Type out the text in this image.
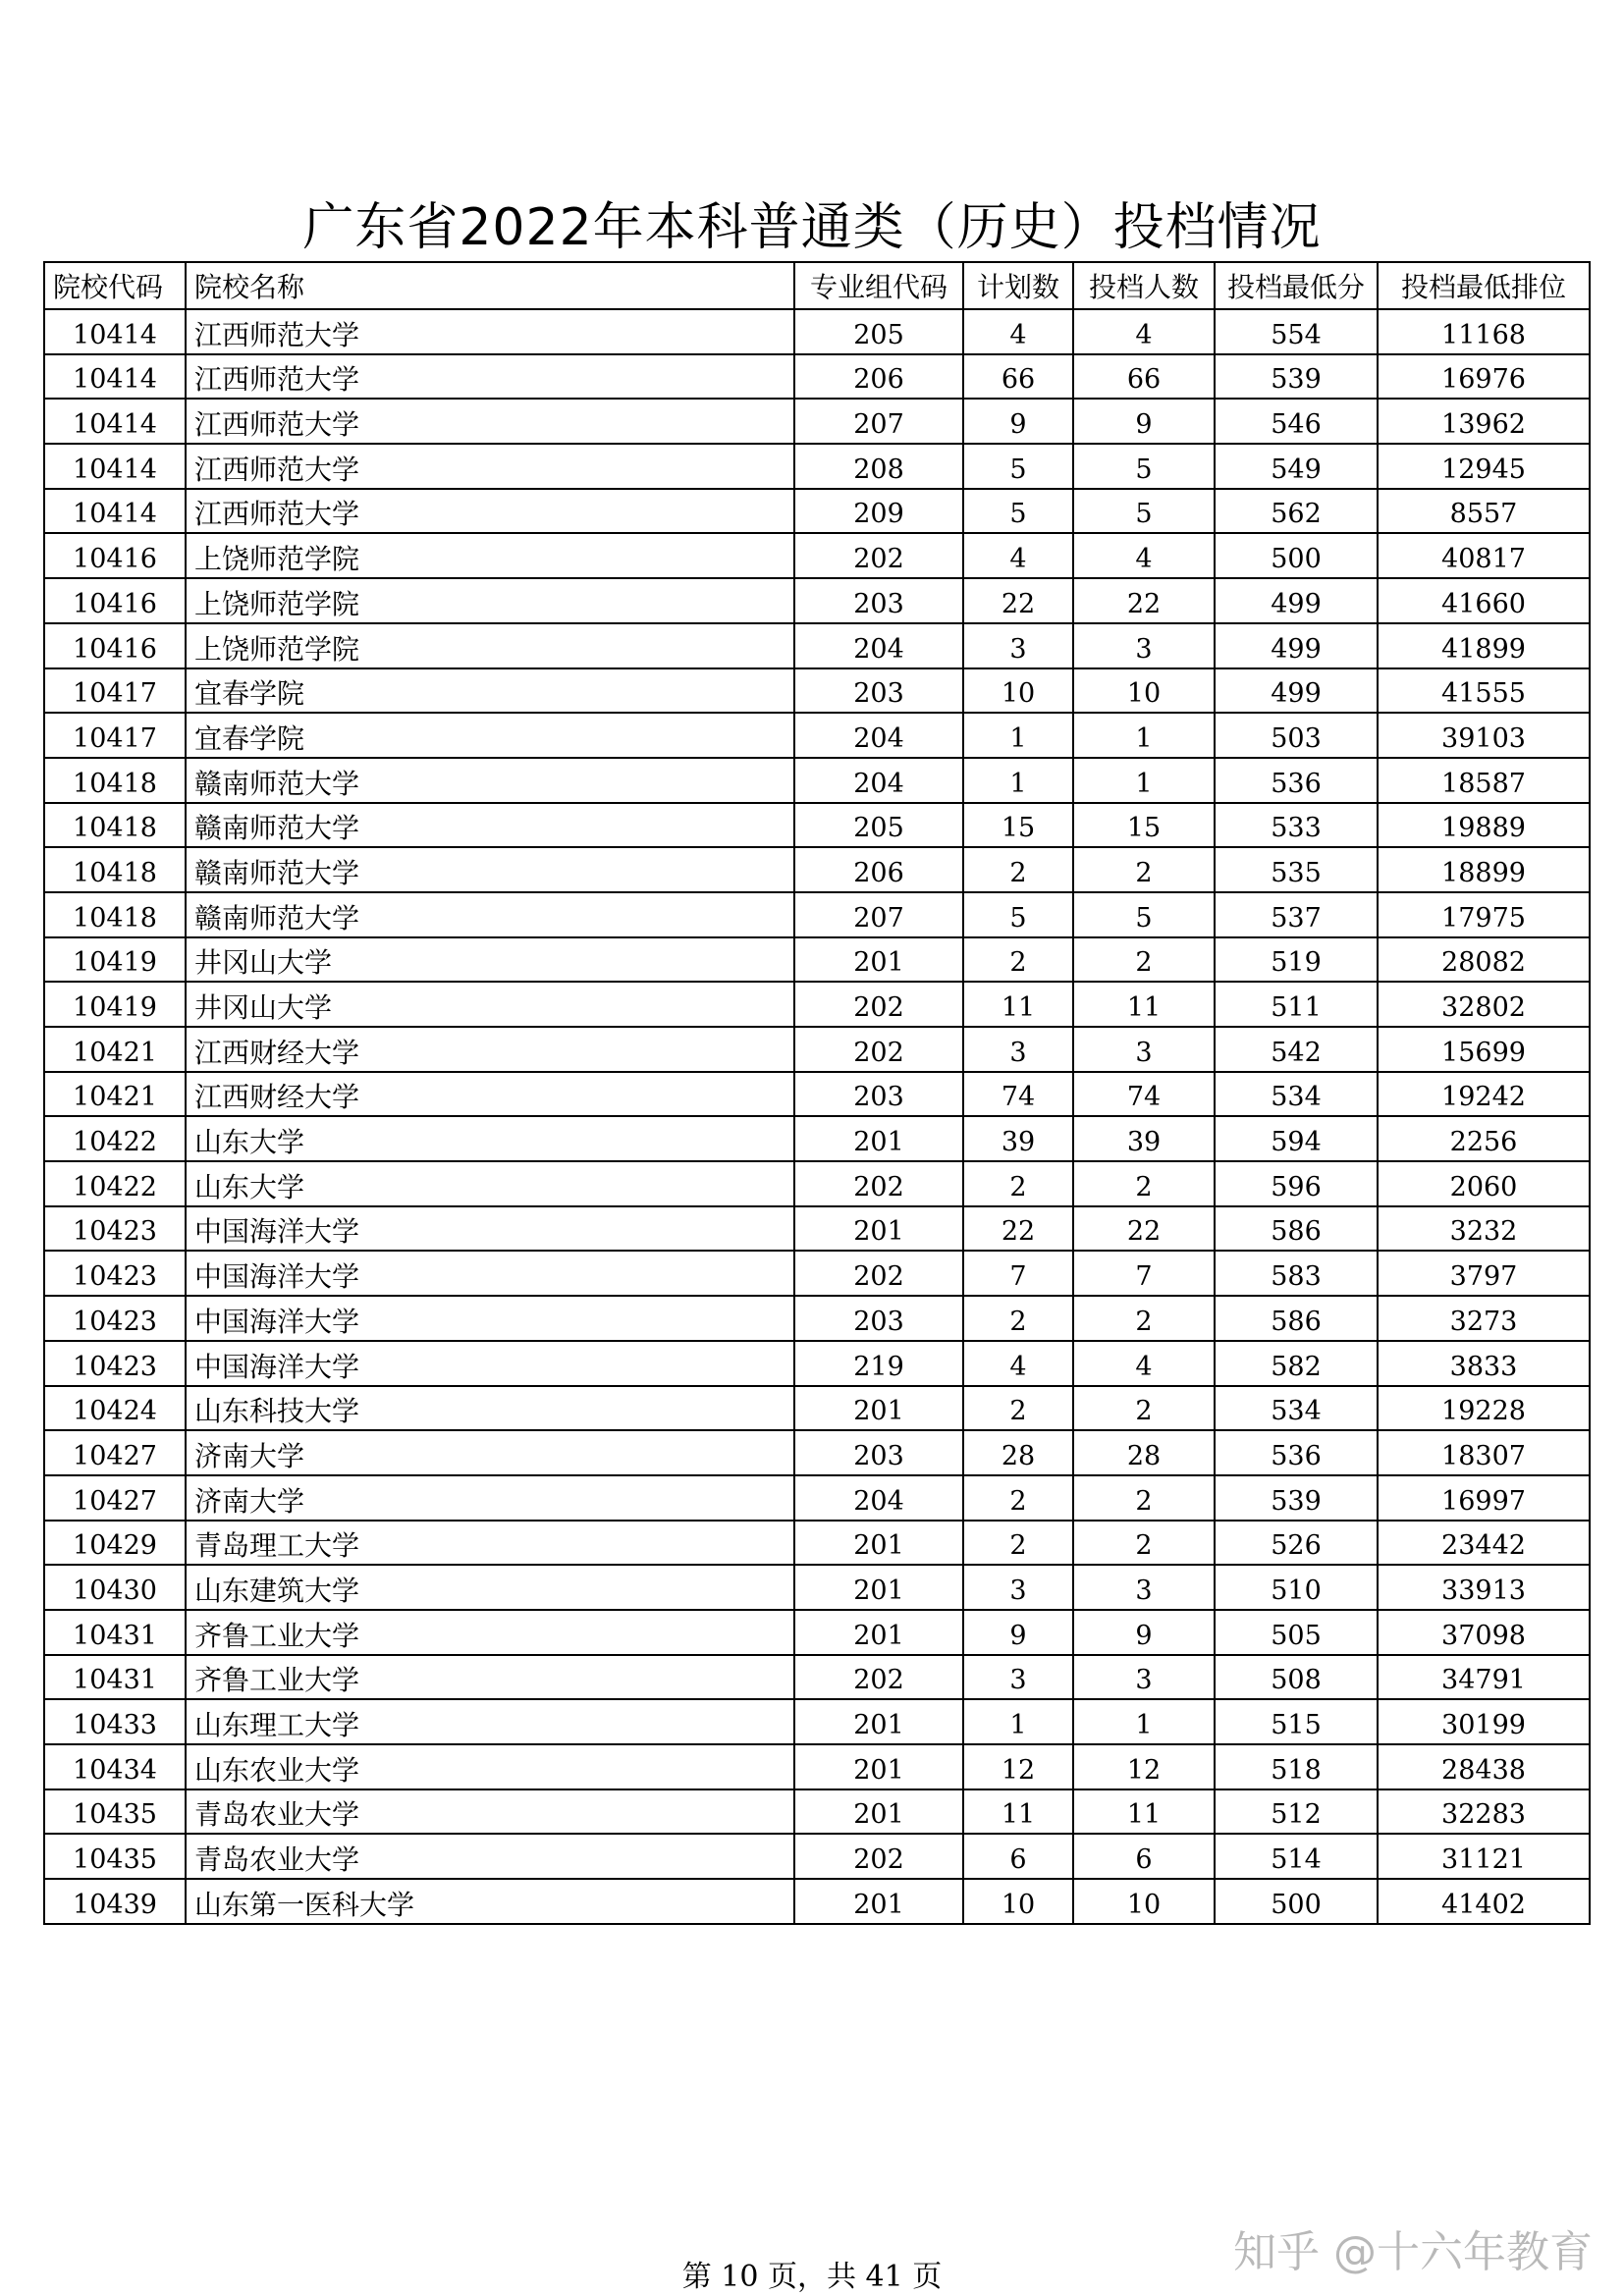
广东省2022年本科普通类（历史）投档情况
院校代码	院校名称	专业组代码	计划数	投档人数	投档最低分	投档最低排位
10414	江西师范大学	205	4	4	554	11168
10414	江西师范大学	206	66	66	539	16976
10414	江西师范大学	207	9	9	546	13962
10414	江西师范大学	208	5	5	549	12945
10414	江西师范大学	209	5	5	562	8557
10416	上饶师范学院	202	4	4	500	40817
10416	上饶师范学院	203	22	22	499	41660
10416	上饶师范学院	204	3	3	499	41899
10417	宜春学院	203	10	10	499	41555
10417	宜春学院	204	1	1	503	39103
10418	赣南师范大学	204	1	1	536	18587
10418	赣南师范大学	205	15	15	533	19889
10418	赣南师范大学	206	2	2	535	18899
10418	赣南师范大学	207	5	5	537	17975
10419	井冈山大学	201	2	2	519	28082
10419	井冈山大学	202	11	11	511	32802
10421	江西财经大学	202	3	3	542	15699
10421	江西财经大学	203	74	74	534	19242
10422	山东大学	201	39	39	594	2256
10422	山东大学	202	2	2	596	2060
10423	中国海洋大学	201	22	22	586	3232
10423	中国海洋大学	202	7	7	583	3797
10423	中国海洋大学	203	2	2	586	3273
10423	中国海洋大学	219	4	4	582	3833
10424	山东科技大学	201	2	2	534	19228
10427	济南大学	203	28	28	536	18307
10427	济南大学	204	2	2	539	16997
10429	青岛理工大学	201	2	2	526	23442
10430	山东建筑大学	201	3	3	510	33913
10431	齐鲁工业大学	201	9	9	505	37098
10431	齐鲁工业大学	202	3	3	508	34791
10433	山东理工大学	201	1	1	515	30199
10434	山东农业大学	201	12	12	518	28438
10435	青岛农业大学	201	11	11	512	32283
10435	青岛农业大学	202	6	6	514	31121
10439	山东第一医科大学	201	10	10	500	41402
知乎 @十六年教育
第 10 页，共 41 页
